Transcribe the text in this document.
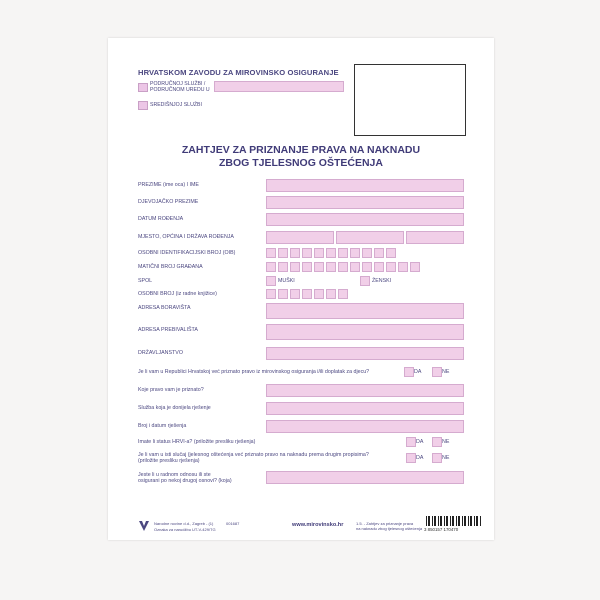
HRVATSKOM ZAVODU ZA MIROVINSKO OSIGURANJE
PODRUČNOJ SLUŽBI / PODRUČNOM UREDU U
SREDIŠNJOJ SLUŽBI
ZAHTJEV ZA PRIZNANJE PRAVA NA NAKNADU
ZBOG TJELESNOG OŠTEĆENJA
PREZIME (ime oca) I IME
DJEVOJAČKO PREZIME
DATUM ROĐENJA
MJESTO, OPĆINA I DRŽAVA ROĐENJA
OSOBNI IDENTIFIKACIJSKI BROJ (OIB)
MATIČNI BROJ GRAĐANA
SPOL	MUŠKI	ŽENSKI
OSOBNI BROJ (iz radne knjižice)
ADRESA BORAVIŠTA
ADRESA PREBIVALIŠTA
DRŽAVLJANSTVO
Je li vam u Republici Hrvatskoj već priznato pravo iz mirovinskog osiguranja i/ili doplatak za djecu?	DA	NE
Koje pravo vam je priznato?
Služba koja je donijela rješenje
Broj i datum rješenja
Imate li status HRVI-a? (priložite presliku rješenja)	DA	NE
Je li vam u isti slučaj (jelesnog oštećenja već priznato pravo na naknadu prema drugim propisima?
(priložite presliku rješenja)	DA	NE
Jeste li u radnom odnosu ili ste
osigurani po nekoj drugoj osnovi? (koja)
Narodne novine d.d., Zagreb - (1)
Oznaka za narudžbu UT-V-429/TG
001687	www.mirovinsko.hr	1.5. - Zahtjev za priznanje prava
na naknadu zbog tjelesnog oštećenja 3 850157 170470
